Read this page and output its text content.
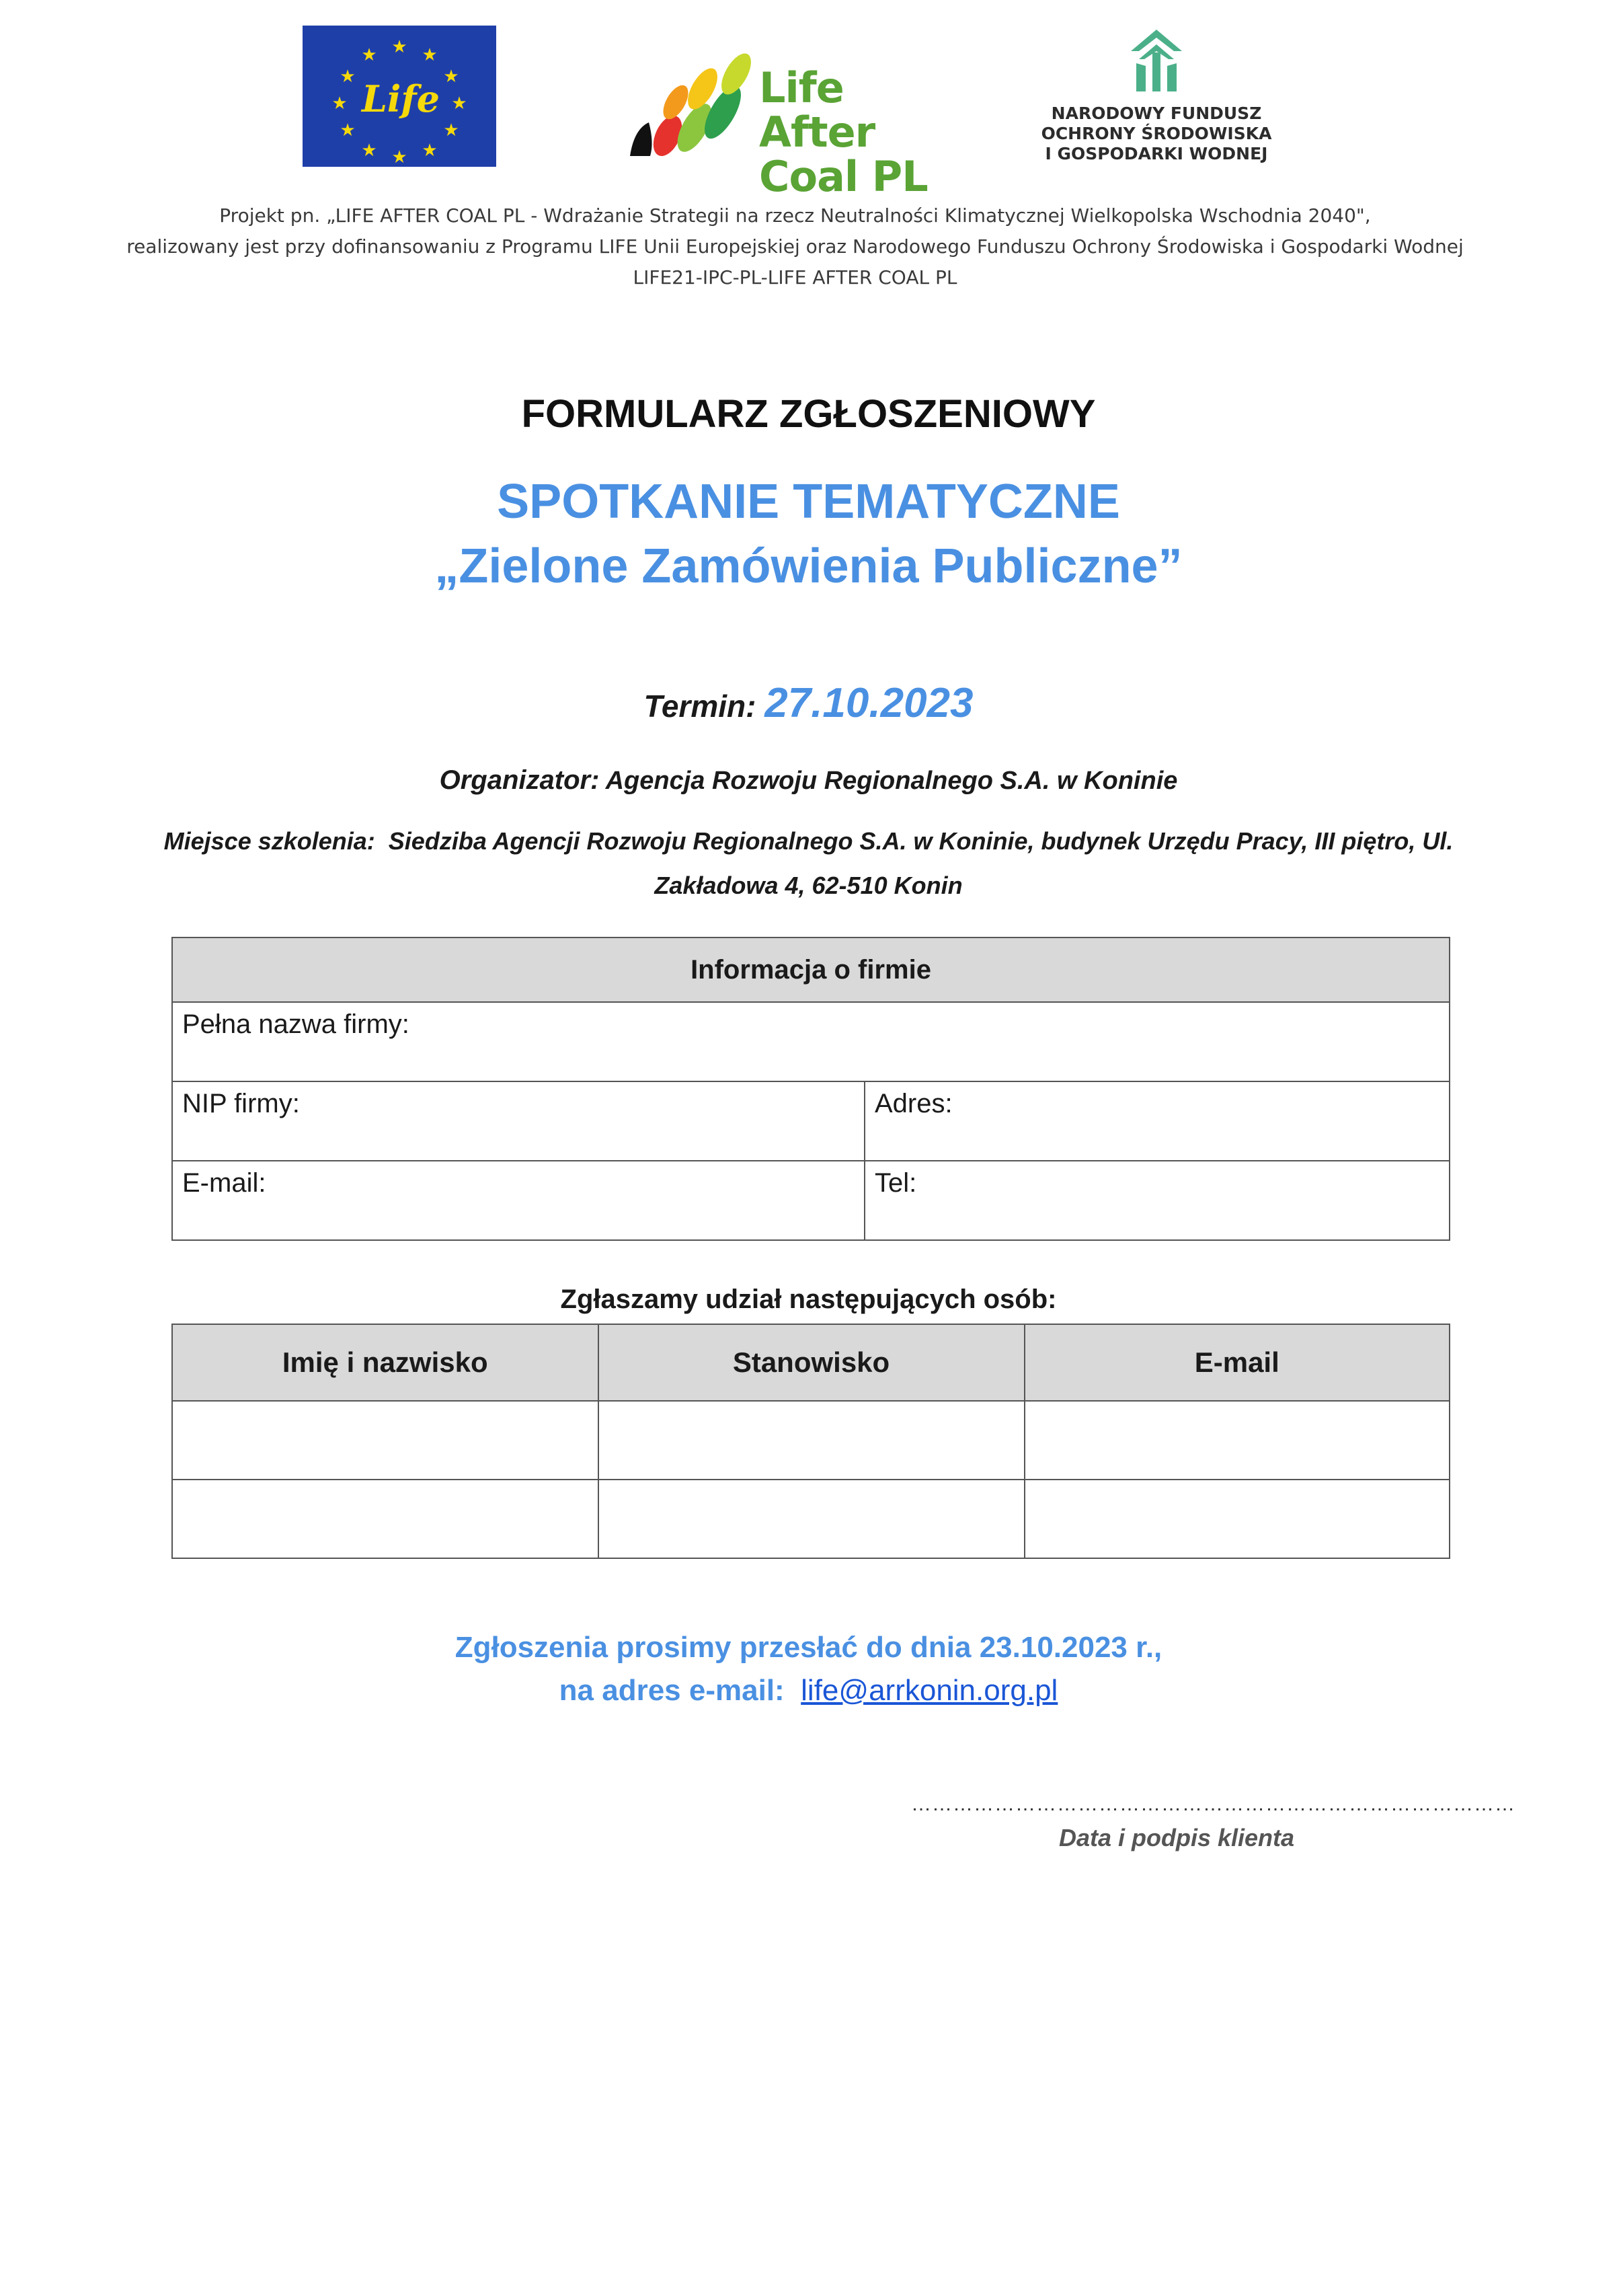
★ ★
★
★
★
★
★
★
★
★
★
★
Life	Life After
Coal PL
NARODOWY FUNDUSZ
OCHRONY ŚRODOWISKA
I GOSPODARKI WODNEJ
Projekt pn. „LIFE AFTER COAL PL - Wdrażanie Strategii na rzecz Neutralności Klimatycznej Wielkopolska Wschodnia 2040",
realizowany jest przy dofinansowaniu z Programu LIFE Unii Europejskiej oraz Narodowego Funduszu Ochrony Środowiska i Gospodarki Wodnej
LIFE21-IPC-PL-LIFE AFTER COAL PL
FORMULARZ ZGŁOSZENIOWY
SPOTKANIE TEMATYCZNE
„Zielone Zamówienia Publiczne”
Termin: 27.10.2023
Organizator: Agencja Rozwoju Regionalnego S.A. w Koninie
Miejsce szkolenia: Siedziba Agencji Rozwoju Regionalnego S.A. w Koninie, budynek Urzędu Pracy, III piętro, Ul. Zakładowa 4, 62-510 Konin
Informacja o firmie	
Pełna nazwa firmy:	
NIP firmy:	Adres:
E-mail:	Tel:
Zgłaszamy udział następujących osób:
Imię i nazwisko	Stanowisko	E-mail

Zgłoszenia prosimy przesłać do dnia 23.10.2023 r.,
na adres e-mail: life@arrkonin.org.pl
……………………………………………………………………………
Data i podpis klienta
